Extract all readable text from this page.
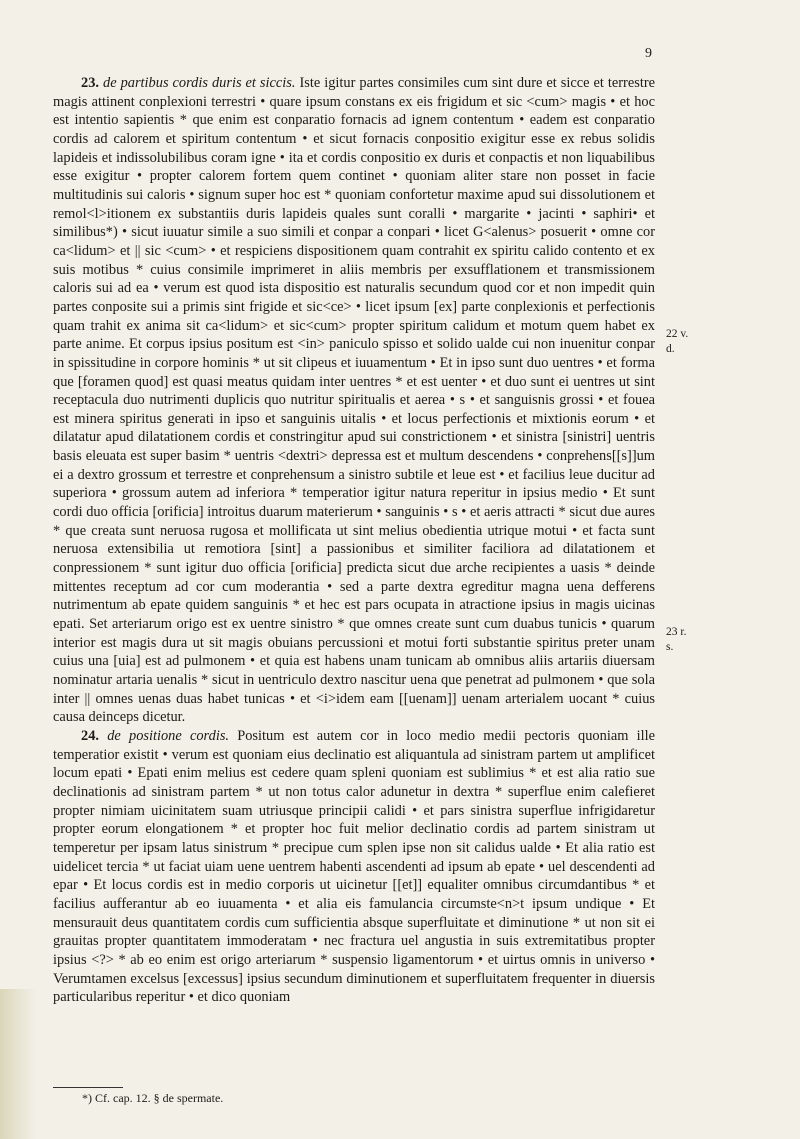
9

23. de partibus cordis duris et siccis. Iste igitur partes consimiles cum sint dure et sicce et terrestre magis attinent conplexioni terrestri • quare ipsum constans ex eis frigidum et sic <cum> magis • et hoc est intentio sapientis * que enim est conparatio fornacis ad ignem contentum • eadem est conparatio cordis ad calorem et spiritum contentum • et sicut fornacis conpositio exigitur esse ex rebus solidis lapideis et indissolubilibus coram igne • ita et cordis conpositio ex duris et conpactis et non liquabilibus esse exigitur • propter calorem fortem quem continet • quoniam aliter stare non posset in facie multitudinis sui caloris • signum super hoc est * quoniam confortetur maxime apud sui dissolutionem et remol<l>itionem ex substantiis duris lapideis quales sunt coralli • margarite • jacinti • saphiri• et similibus*) • sicut iuuatur simile a suo simili et conpar a conpari • licet G<alenus> posuerit • omne cor ca<lidum> et || sic <cum> • et respiciens dispositionem quam contrahit ex spiritu calido contento et ex suis motibus * cuius consimile imprimeret in aliis membris per exsufflationem et transmissionem caloris sui ad ea • verum est quod ista dispositio est naturalis secundum quod cor et non impedit quin partes conposite sui a primis sint frigide et sic<ce> • licet ipsum [ex] parte conplexionis et perfectionis quam trahit ex anima sit ca<lidum> et sic<cum> propter spiritum calidum et motum quem habet ex parte anime. Et corpus ipsius positum est <in> paniculo spisso et solido ualde cui non inuenitur conpar in spissitudine in corpore hominis * ut sit clipeus et iuuamentum • Et in ipso sunt duo uentres • et forma que [foramen quod] est quasi meatus quidam inter uentres * et est uenter • et duo sunt ei uentres ut sint receptacula duo nutrimenti duplicis quo nutritur spiritualis et aerea • s • et sanguisnis grossi • et fouea est minera spiritus generati in ipso et sanguinis uitalis • et locus perfectionis et mixtionis eorum • et dilatatur apud dilatationem cordis et constringitur apud sui constrictionem • et sinistra [sinistri] uentris basis eleuata est super basim * uentris <dextri> depressa est et multum descendens • conprehens[[s]]um ei a dextro grossum et terrestre et conprehensum a sinistro subtile et leue est • et facilius leue ducitur ad superiora • grossum autem ad inferiora * temperatior igitur natura reperitur in ipsius medio • Et sunt cordi duo officia [orificia] introitus duarum materierum • sanguinis • s • et aeris attracti * sicut due aures * que creata sunt neruosa rugosa et mollificata ut sint melius obedientia utrique motui • et facta sunt neruosa extensibilia ut remotiora [sint] a passionibus et similiter faciliora ad dilatationem et conpressionem * sunt igitur duo officia [orificia] predicta sicut due arche recipientes a uasis * deinde mittentes receptum ad cor cum moderantia • sed a parte dextra egreditur magna uena defferens nutrimentum ab epate quidem sanguinis * et hec est pars ocupata in atractione ipsius in magis uicinas epati. Set arteriarum origo est ex uentre sinistro * que omnes create sunt cum duabus tunicis • quarum interior est magis dura ut sit magis obuians percussioni et motui forti substantie spiritus preter unam cuius una [uia] est ad pulmonem • et quia est habens unam tunicam ab omnibus aliis artariis diuersam nominatur artaria uenalis * sicut in uentriculo dextro nascitur uena que penetrat ad pulmonem • que sola inter || omnes uenas duas habet tunicas • et <i>idem eam [[uenam]] uenam arterialem uocant * cuius causa deinceps dicetur.

24. de positione cordis. Positum est autem cor in loco medio medii pectoris quoniam ille temperatior existit • verum est quoniam eius declinatio est aliquantula ad sinistram partem ut amplificet locum epati • Epati enim melius est cedere quam spleni quoniam est sublimius * et est alia ratio sue declinationis ad sinistram partem * ut non totus calor adunetur in dextra * superflue enim calefieret propter nimiam uicinitatem suam utriusque principii calidi • et pars sinistra superflue infrigidaretur propter eorum elongationem * et propter hoc fuit melior declinatio cordis ad partem sinistram ut temperetur per ipsam latus sinistrum * precipue cum splen ipse non sit calidus ualde • Et alia ratio est uidelicet tercia * ut faciat uiam uene uentrem habenti ascendenti ad ipsum ab epate • uel descendenti ad epar • Et locus cordis est in medio corporis ut uicinetur [[et]] equaliter omnibus circumdantibus * et facilius aufferantur ab eo iuuamenta • et alia eis famulancia circumste<n>t ipsum undique • Et mensurauit deus quantitatem cordis cum sufficientia absque superfluitate et diminutione * ut non sit ei grauitas propter quantitatem immoderatam • nec fractura uel angustia in suis extremitatibus propter ipsius <?> * ab eo enim est origo arteriarum * suspensio ligamentorum • et uirtus omnis in universo • Verumtamen excelsus [excessus] ipsius secundum diminutionem et superfluitatem frequenter in diuersis particularibus reperitur • et dico quoniam

22 v. d.
23 r. s.
*) Cf. cap. 12. § de spermate.
